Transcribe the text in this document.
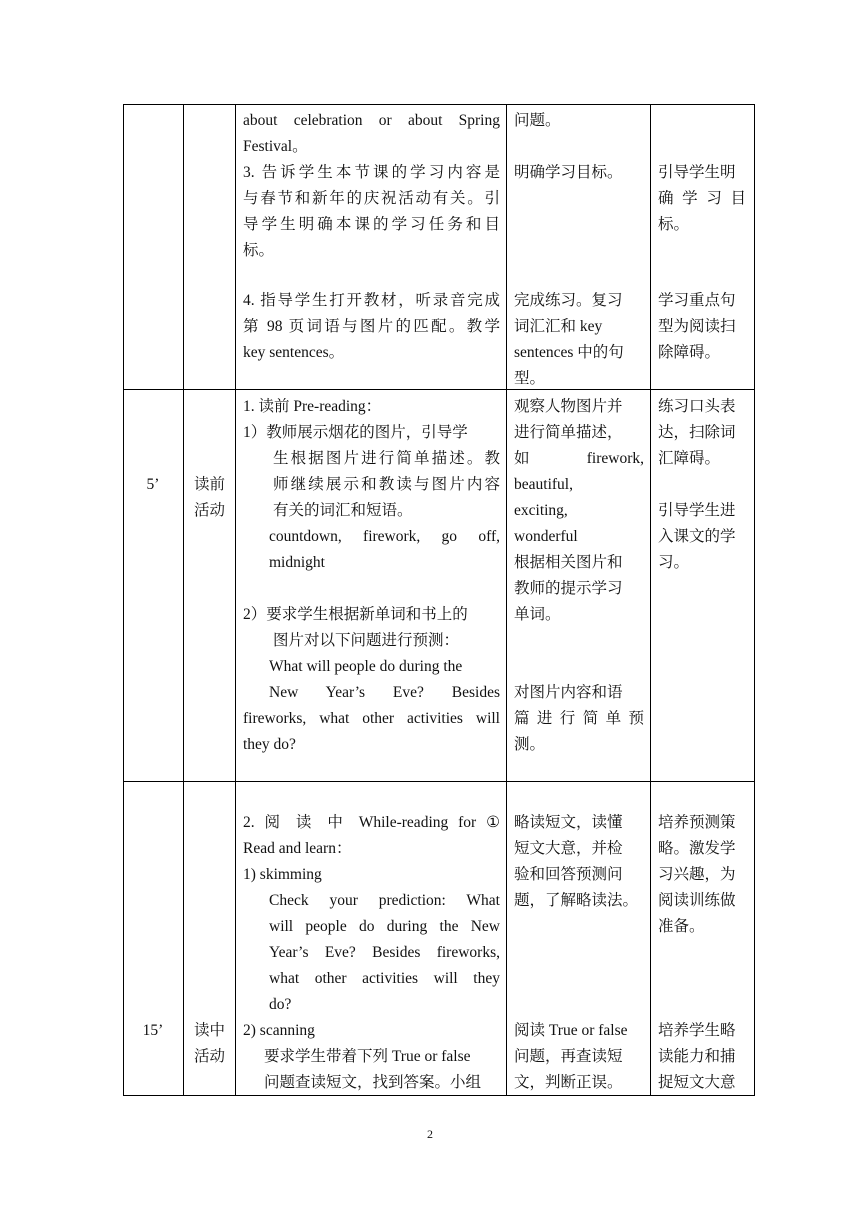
about celebration or about Spring
Festival。
3. 告诉学生本节课的学习内容是
与春节和新年的庆祝活动有关。引
导学生明确本课的学习任务和目
标。
4. 指导学生打开教材，听录音完成
第 98 页词语与图片的匹配。教学
key sentences。
问题。
明确学习目标。
完成练习。复习
词汇汇和 key
sentences 中的句
型。
引导学生明
确 学 习 目
标。
学习重点句
型为阅读扫
除障碍。
5’	读前
活动
1. 读前 Pre-reading：
1）教师展示烟花的图片，引导学
生根据图片进行简单描述。教
师继续展示和教读与图片内容
有关的词汇和短语。
countdown, firework, go off,
midnight
2）要求学生根据新单词和书上的
图片对以下问题进行预测：
What will people do during the
New Year’s Eve? Besides
fireworks, what other activities will
they do?
观察人物图片并
进行简单描述，
如 firework,
beautiful,
exciting,
wonderful
根据相关图片和
教师的提示学习
单词。
对图片内容和语
篇 进 行 简 单 预
测。
练习口头表
达，扫除词
汇障碍。
引导学生进
入课文的学
习。
15’	读中
活动
2. 阅 读 中 While-reading for ①
Read and learn：
1) skimming
Check your prediction: What
will people do during the New
Year’s Eve? Besides fireworks,
what other activities will they
do?
2) scanning
要求学生带着下列 True or false
问题查读短文，找到答案。小组
略读短文，读懂
短文大意，并检
验和回答预测问
题，了解略读法。
阅读 True or false
问题，再查读短
文，判断正误。
培养预测策
略。激发学
习兴趣，为
阅读训练做
准备。
培养学生略
读能力和捕
捉短文大意
2
